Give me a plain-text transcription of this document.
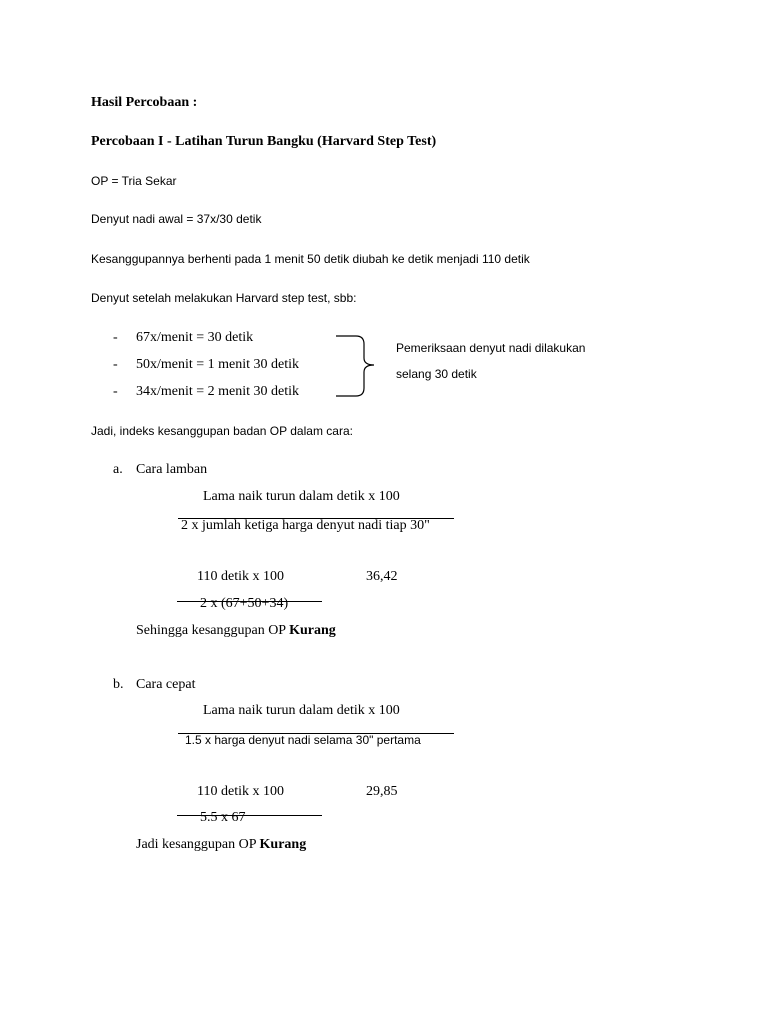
Hasil Percobaan :
Percobaan I - Latihan Turun Bangku (Harvard Step Test)
OP = Tria Sekar
Denyut nadi awal = 37x/30 detik
Kesanggupannya berhenti pada 1 menit 50 detik diubah ke detik menjadi 110 detik
Denyut setelah melakukan Harvard step test, sbb:
- 67x/menit = 30 detik
- 50x/menit = 1 menit 30 detik
- 34x/menit = 2 menit 30 detik
Pemeriksaan denyut nadi dilakukan
selang 30 detik
Jadi, indeks kesanggupan badan OP dalam cara:
a. Cara lamban
Lama naik turun dalam detik x 100
2 x jumlah ketiga harga denyut nadi tiap 30"
110 detik x 100	36,42
2 x (67+50+34)
Sehingga kesanggupan OP Kurang
b. Cara cepat
Lama naik turun dalam detik x 100
1.5 x harga denyut nadi selama 30" pertama
110 detik x 100	29,85
5.5 x 67
Jadi kesanggupan OP Kurang
